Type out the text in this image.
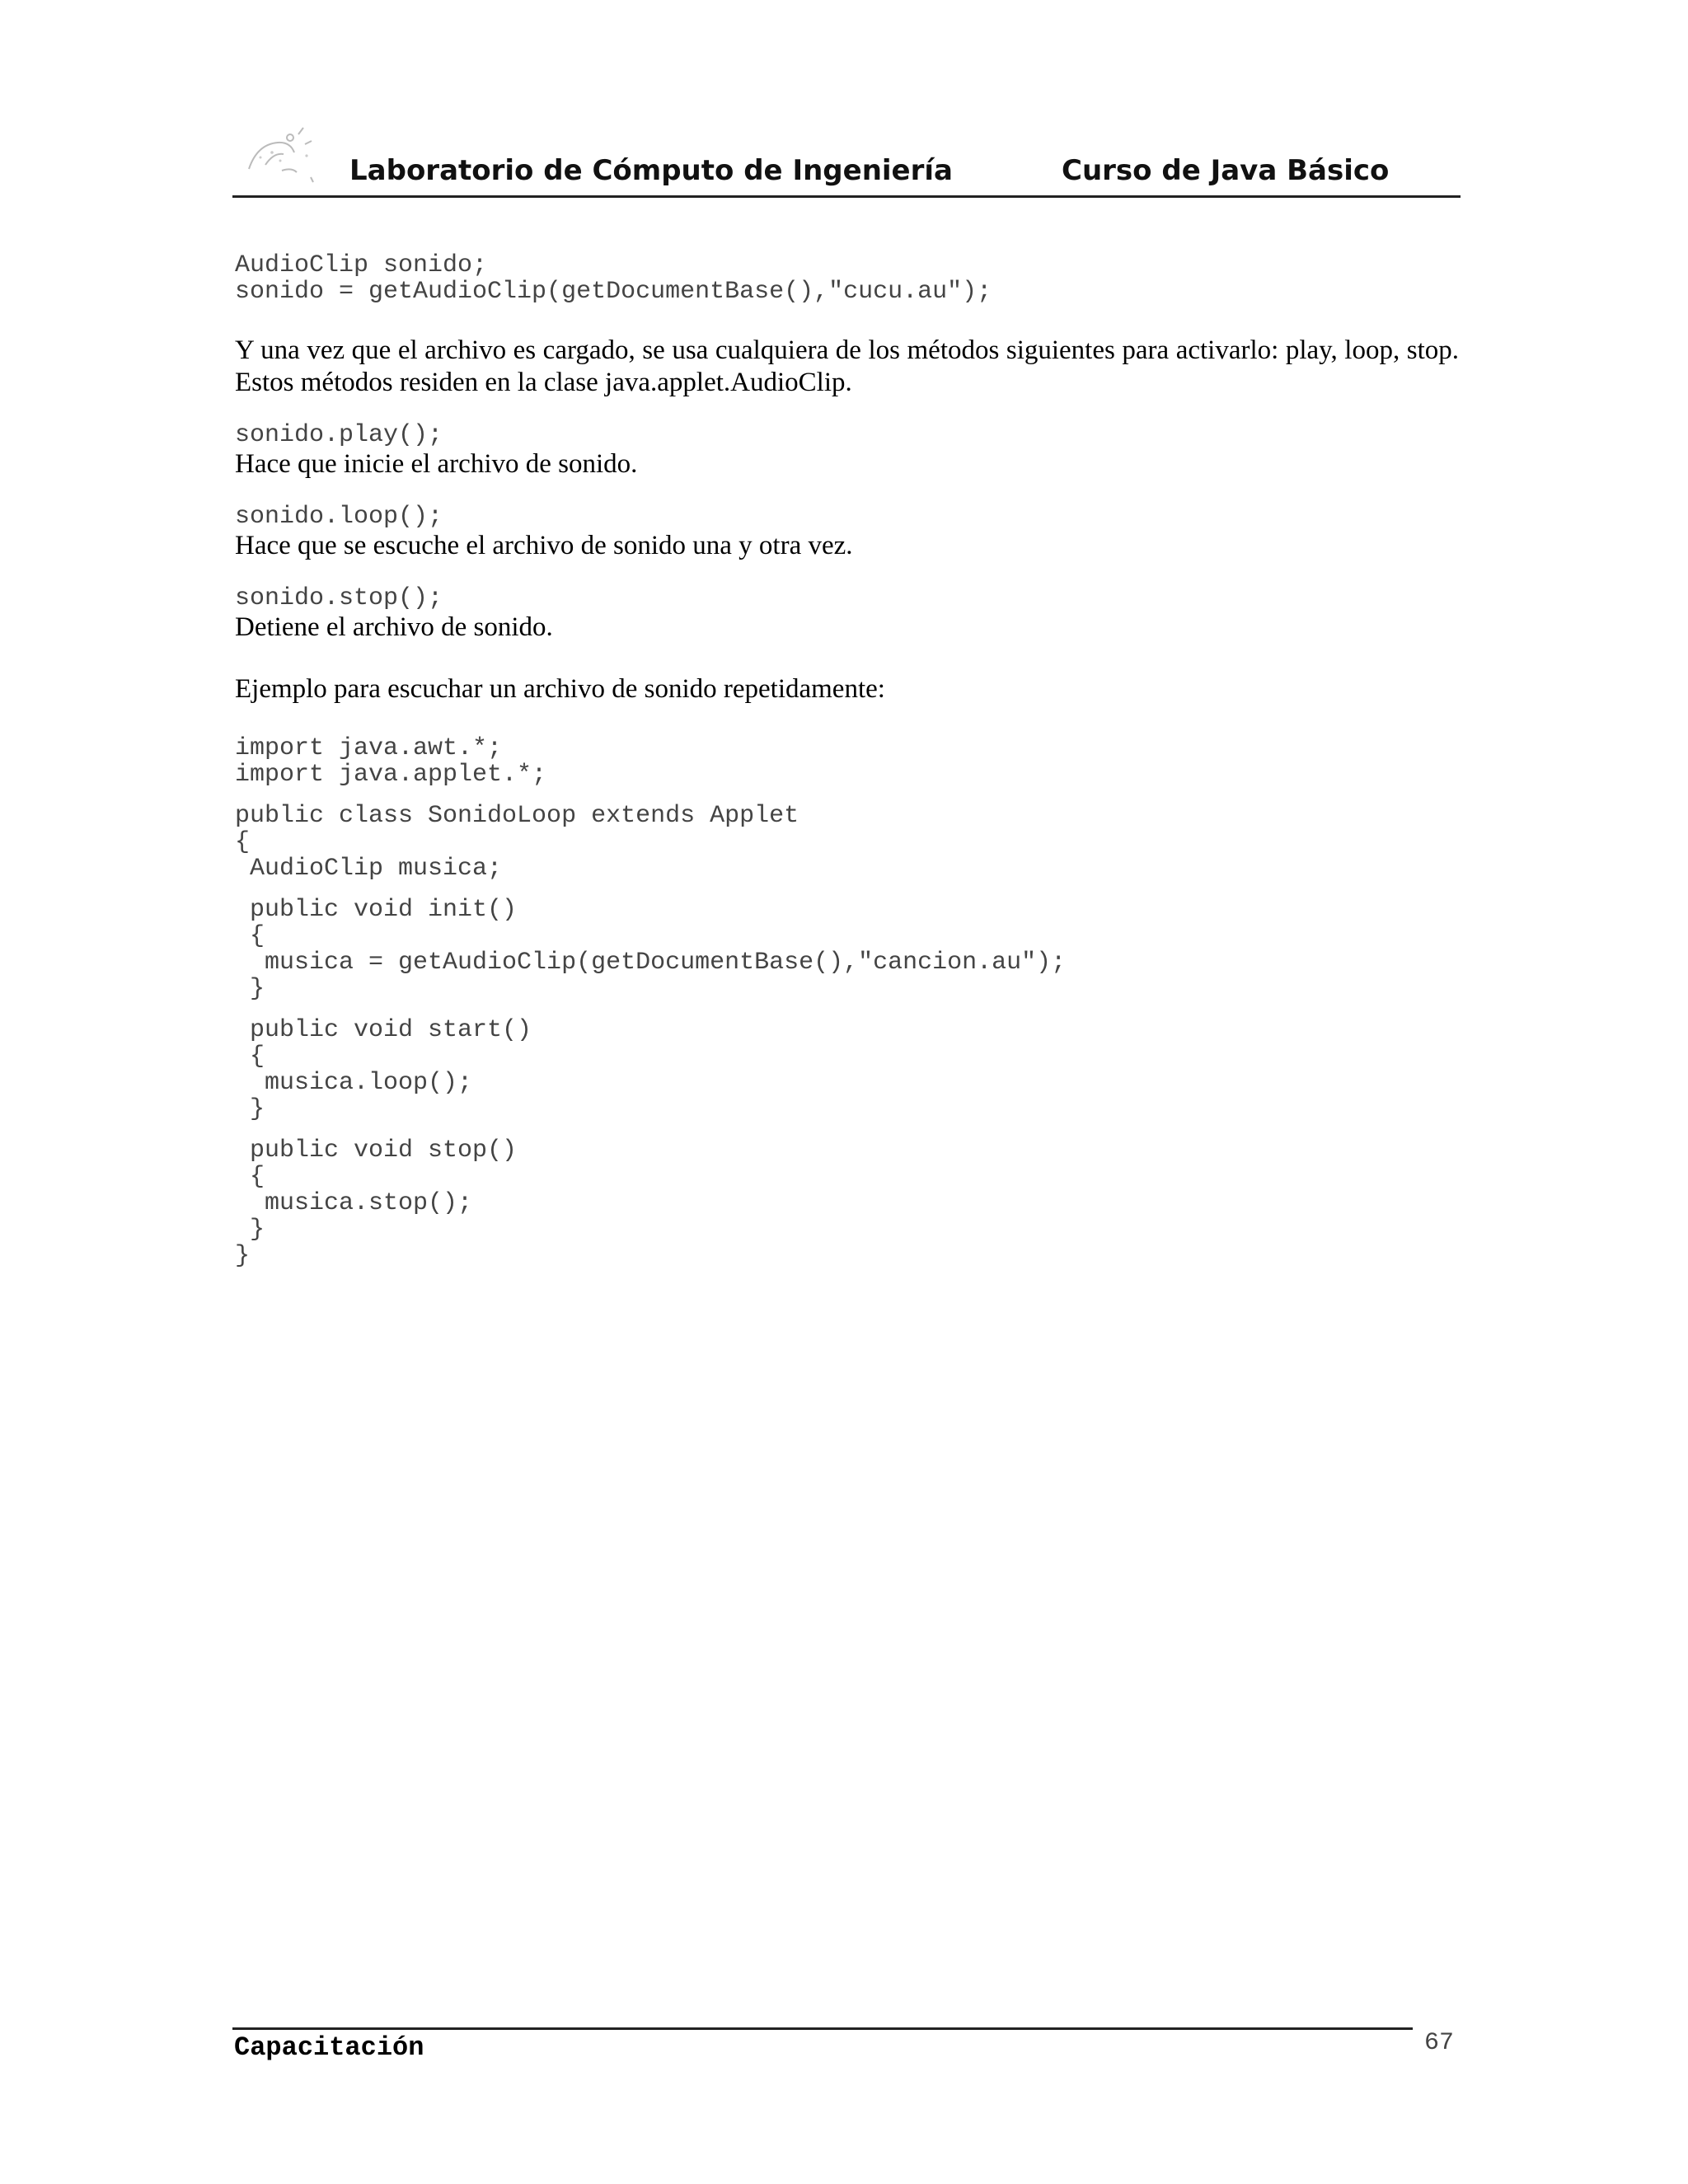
Laboratorio de Cómputo de Ingeniería	Curso de Java Básico
AudioClip sonido;
sonido = getAudioClip(getDocumentBase(),"cucu.au");

Y una vez que el archivo es cargado, se usa cualquiera de los métodos siguientes para activarlo: play, loop, stop. Estos métodos residen en la clase java.applet.AudioClip.

sonido.play();

Hace que inicie el archivo de sonido.

sonido.loop();

Hace que se escuche el archivo de sonido una y otra vez.

sonido.stop();

Detiene el archivo de sonido.

Ejemplo para escuchar un archivo de sonido repetidamente:

import java.awt.*;
import java.applet.*;
public class SonidoLoop extends Applet
{
AudioClip musica;
public void init()
{
musica = getAudioClip(getDocumentBase(),"cancion.au");
}
public void start()
{
musica.loop();
}
public void stop()
{
musica.stop();
}
}
Capacitación	67
